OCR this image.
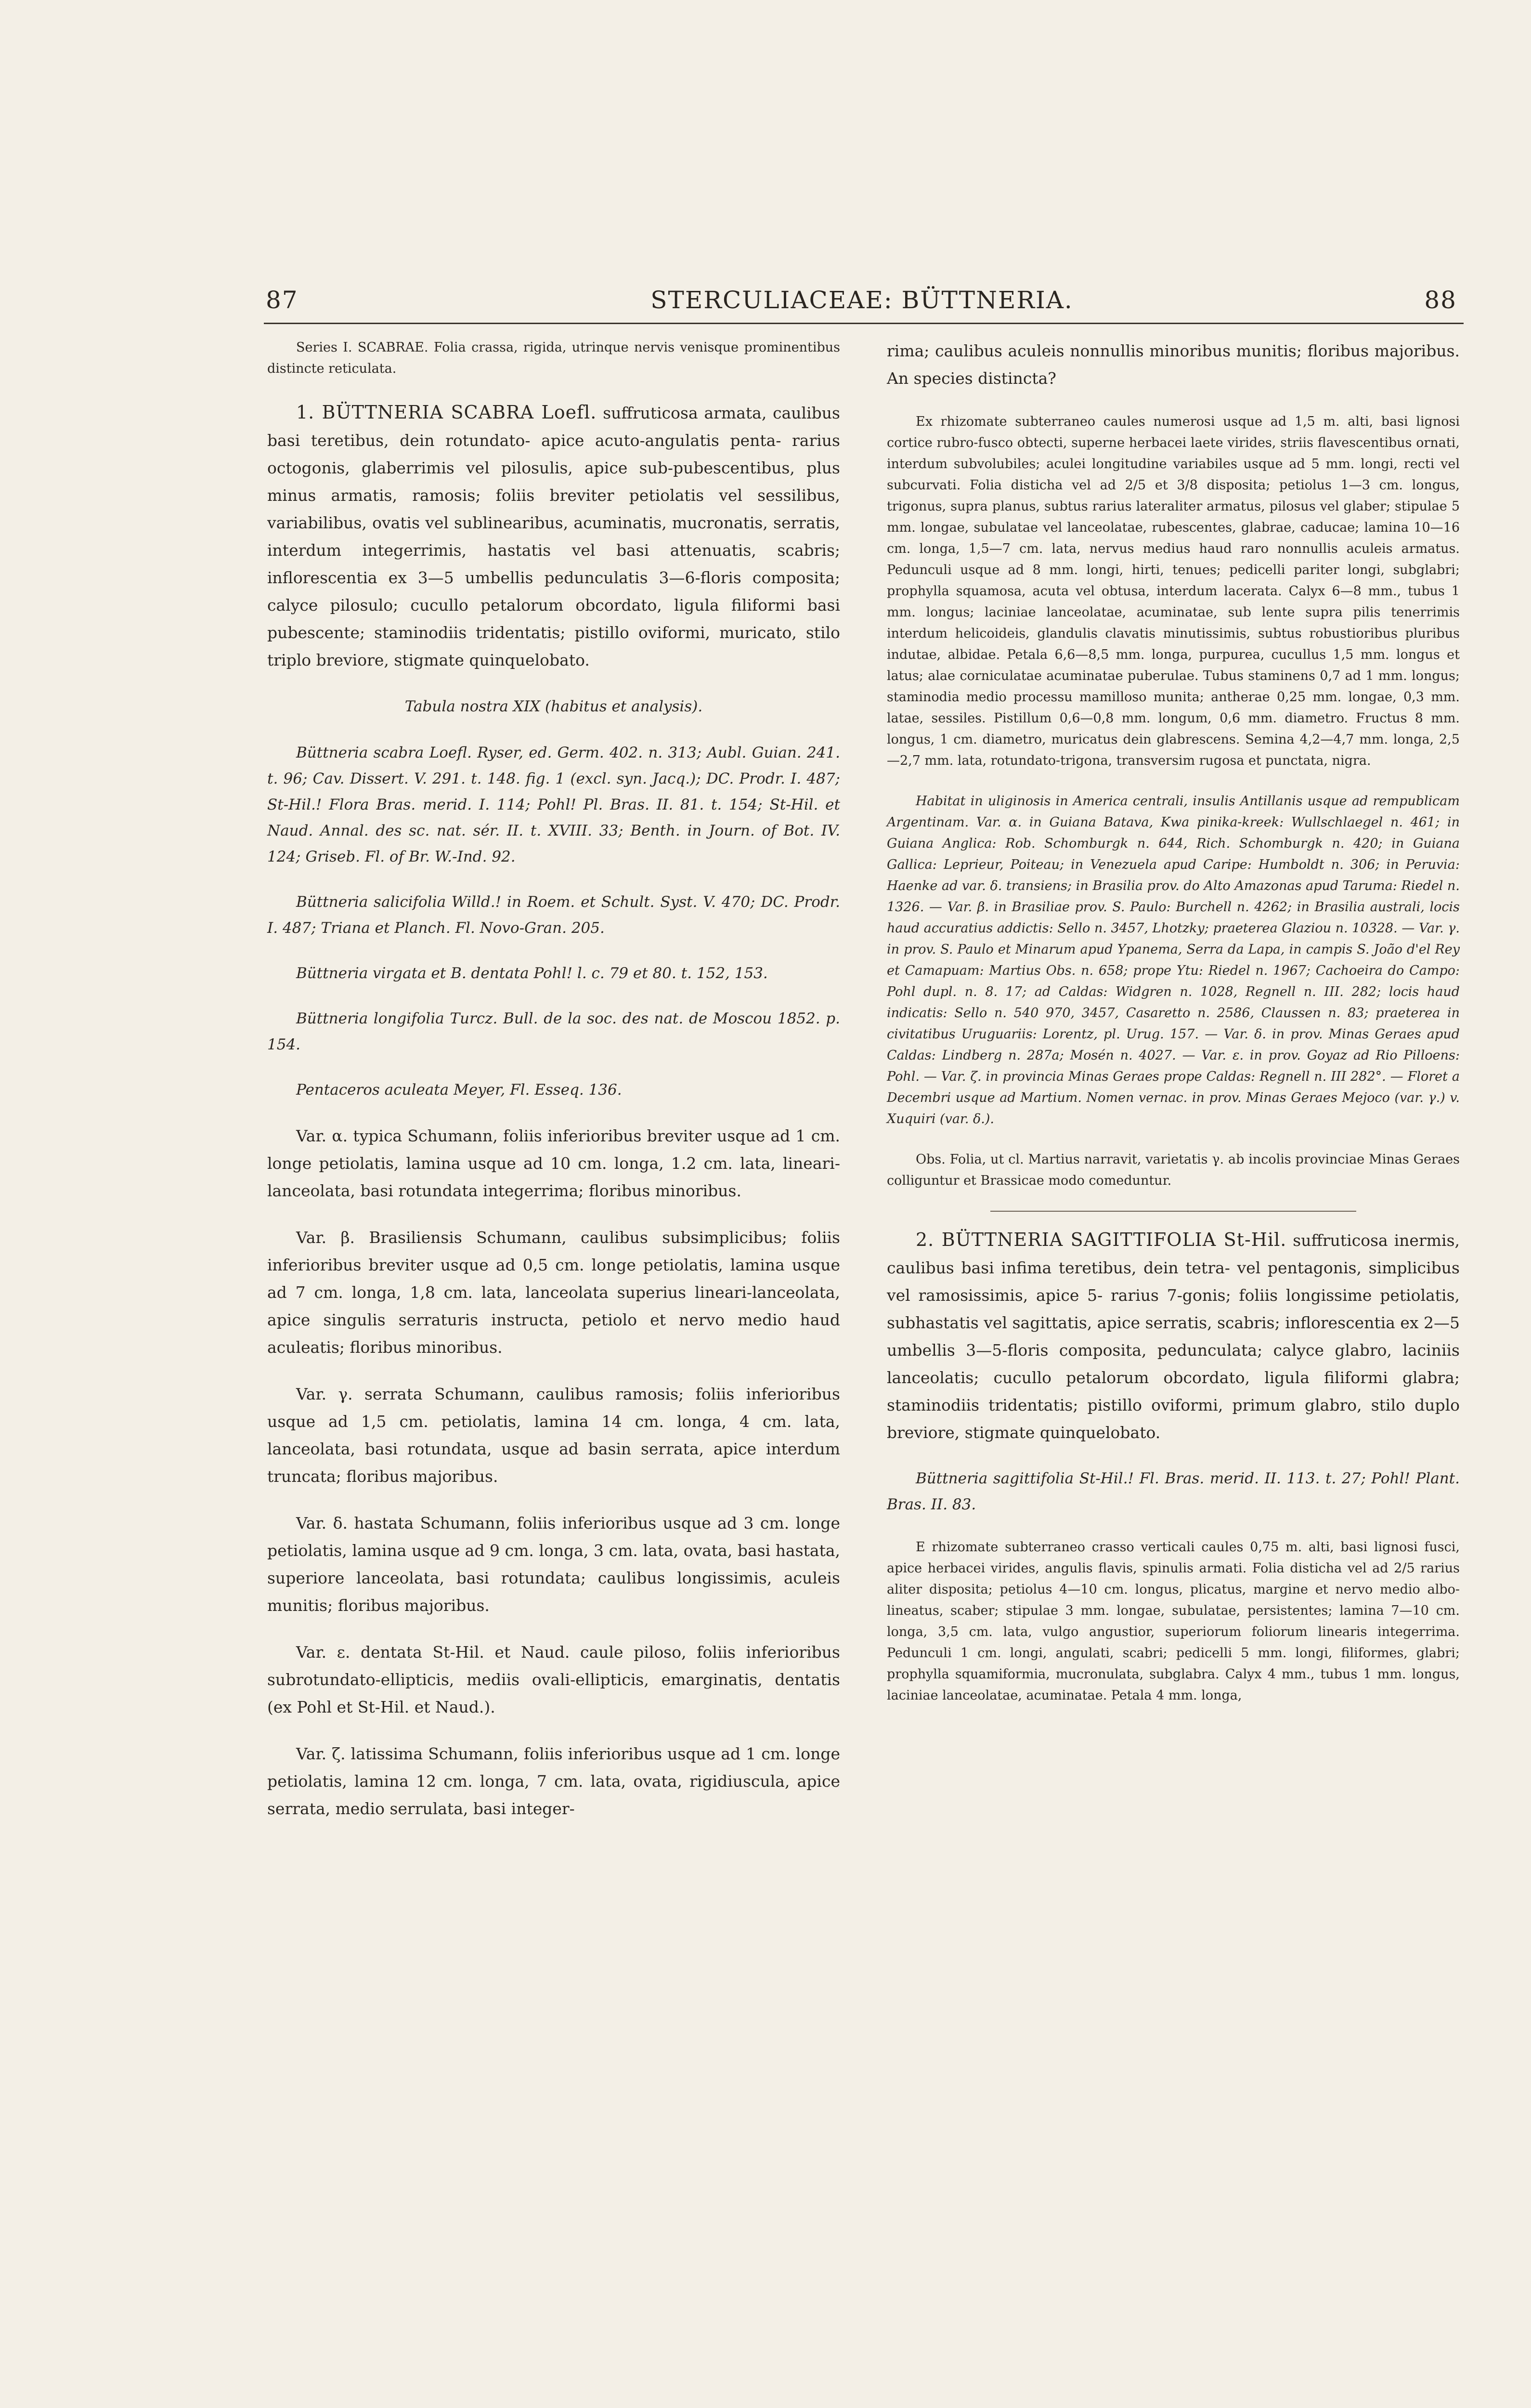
87	STERCULIACEAE: BÜTTNERIA.	88

Series I. SCABRAE. Folia crassa, rigida, utrinque nervis venisque prominentibus distincte reticulata.

1. BÜTTNERIA SCABRA Loefl. suffruticosa armata, caulibus basi teretibus, dein rotundato- apice acuto-angulatis penta- rarius octogonis, glaberrimis vel pilosulis, apice sub-pubescentibus, plus minus armatis, ramosis; foliis breviter petiolatis vel sessilibus, variabilibus, ovatis vel sublinearibus, acuminatis, mucronatis, serratis, interdum integerrimis, hastatis vel basi attenuatis, scabris; inflorescentia ex 3—5 umbellis pedunculatis 3—6-floris composita; calyce pilosulo; cucullo petalorum obcordato, ligula filiformi basi pubescente; staminodiis tridentatis; pistillo oviformi, muricato, stilo triplo breviore, stigmate quinquelobato.

Tabula nostra XIX (habitus et analysis).

Büttneria scabra Loefl. Ryser, ed. Germ. 402. n. 313; Aubl. Guian. 241. t. 96; Cav. Dissert. V. 291. t. 148. fig. 1 (excl. syn. Jacq.); DC. Prodr. I. 487; St-Hil.! Flora Bras. merid. I. 114; Pohl! Pl. Bras. II. 81. t. 154; St-Hil. et Naud. Annal. des sc. nat. sér. II. t. XVIII. 33; Benth. in Journ. of Bot. IV. 124; Griseb. Fl. of Br. W.-Ind. 92.

Büttneria salicifolia Willd.! in Roem. et Schult. Syst. V. 470; DC. Prodr. I. 487; Triana et Planch. Fl. Novo-Gran. 205.

Büttneria virgata et B. dentata Pohl! l. c. 79 et 80. t. 152, 153.

Büttneria longifolia Turcz. Bull. de la soc. des nat. de Moscou 1852. p. 154.

Pentaceros aculeata Meyer, Fl. Esseq. 136.

Var. α. typica Schumann, foliis inferioribus breviter usque ad 1 cm. longe petiolatis, lamina usque ad 10 cm. longa, 1.2 cm. lata, lineari-lanceolata, basi rotundata integerrima; floribus minoribus.

Var. β. Brasiliensis Schumann, caulibus subsimplicibus; foliis inferioribus breviter usque ad 0,5 cm. longe petiolatis, lamina usque ad 7 cm. longa, 1,8 cm. lata, lanceolata superius lineari-lanceolata, apice singulis serraturis instructa, petiolo et nervo medio haud aculeatis; floribus minoribus.

Var. γ. serrata Schumann, caulibus ramosis; foliis inferioribus usque ad 1,5 cm. petiolatis, lamina 14 cm. longa, 4 cm. lata, lanceolata, basi rotundata, usque ad basin serrata, apice interdum truncata; floribus majoribus.

Var. δ. hastata Schumann, foliis inferioribus usque ad 3 cm. longe petiolatis, lamina usque ad 9 cm. longa, 3 cm. lata, ovata, basi hastata, superiore lanceolata, basi rotundata; caulibus longissimis, aculeis munitis; floribus majoribus.

Var. ε. dentata St-Hil. et Naud. caule piloso, foliis inferioribus subrotundato-ellipticis, mediis ovali-ellipticis, emarginatis, dentatis (ex Pohl et St-Hil. et Naud.).

Var. ζ. latissima Schumann, foliis inferioribus usque ad 1 cm. longe petiolatis, lamina 12 cm. longa, 7 cm. lata, ovata, rigidiuscula, apice serrata, medio serrulata, basi integer-

rima; caulibus aculeis nonnullis minoribus munitis; floribus majoribus. An species distincta?

Ex rhizomate subterraneo caules numerosi usque ad 1,5 m. alti, basi lignosi cortice rubro-fusco obtecti, superne herbacei laete virides, striis flavescentibus ornati, interdum subvolubiles; aculei longitudine variabiles usque ad 5 mm. longi, recti vel subcurvati. Folia disticha vel ad 2/5 et 3/8 disposita; petiolus 1—3 cm. longus, trigonus, supra planus, subtus rarius lateraliter armatus, pilosus vel glaber; stipulae 5 mm. longae, subulatae vel lanceolatae, rubescentes, glabrae, caducae; lamina 10—16 cm. longa, 1,5—7 cm. lata, nervus medius haud raro nonnullis aculeis armatus. Pedunculi usque ad 8 mm. longi, hirti, tenues; pedicelli pariter longi, subglabri; prophylla squamosa, acuta vel obtusa, interdum lacerata. Calyx 6—8 mm., tubus 1 mm. longus; laciniae lanceolatae, acuminatae, sub lente supra pilis tenerrimis interdum helicoideis, glandulis clavatis minutissimis, subtus robustioribus pluribus indutae, albidae. Petala 6,6—8,5 mm. longa, purpurea, cucullus 1,5 mm. longus et latus; alae corniculatae acuminatae puberulae. Tubus staminens 0,7 ad 1 mm. longus; staminodia medio processu mamilloso munita; antherae 0,25 mm. longae, 0,3 mm. latae, sessiles. Pistillum 0,6—0,8 mm. longum, 0,6 mm. diametro. Fructus 8 mm. longus, 1 cm. diametro, muricatus dein glabrescens. Semina 4,2—4,7 mm. longa, 2,5—2,7 mm. lata, rotundato-trigona, transversim rugosa et punctata, nigra.

Habitat in uliginosis in America centrali, insulis Antillanis usque ad rempublicam Argentinam. Var. α. in Guiana Batava, Kwa pinika-kreek: Wullschlaegel n. 461; in Guiana Anglica: Rob. Schomburgk n. 644, Rich. Schomburgk n. 420; in Guiana Gallica: Leprieur, Poiteau; in Venezuela apud Caripe: Humboldt n. 306; in Peruvia: Haenke ad var. δ. transiens; in Brasilia prov. do Alto Amazonas apud Taruma: Riedel n. 1326. — Var. β. in Brasiliae prov. S. Paulo: Burchell n. 4262; in Brasilia australi, locis haud accuratius addictis: Sello n. 3457, Lhotzky; praeterea Glaziou n. 10328. — Var. γ. in prov. S. Paulo et Minarum apud Ypanema, Serra da Lapa, in campis S. João d'el Rey et Camapuam: Martius Obs. n. 658; prope Ytu: Riedel n. 1967; Cachoeira do Campo: Pohl dupl. n. 8. 17; ad Caldas: Widgren n. 1028, Regnell n. III. 282; locis haud indicatis: Sello n. 540 970, 3457, Casaretto n. 2586, Claussen n. 83; praeterea in civitatibus Uruguariis: Lorentz, pl. Urug. 157. — Var. δ. in prov. Minas Geraes apud Caldas: Lindberg n. 287a; Mosén n. 4027. — Var. ε. in prov. Goyaz ad Rio Pilloens: Pohl. — Var. ζ. in provincia Minas Geraes prope Caldas: Regnell n. III 282°. — Floret a Decembri usque ad Martium. Nomen vernac. in prov. Minas Geraes Mejoco (var. γ.) v. Xuquiri (var. δ.).

Obs. Folia, ut cl. Martius narravit, varietatis γ. ab incolis provinciae Minas Geraes colliguntur et Brassicae modo comeduntur.

2. BÜTTNERIA SAGITTIFOLIA St-Hil. suffruticosa inermis, caulibus basi infima teretibus, dein tetra- vel pentagonis, simplicibus vel ramosissimis, apice 5- rarius 7-gonis; foliis longissime petiolatis, subhastatis vel sagittatis, apice serratis, scabris; inflorescentia ex 2—5 umbellis 3—5-floris composita, pedunculata; calyce glabro, laciniis lanceolatis; cucullo petalorum obcordato, ligula filiformi glabra; staminodiis tridentatis; pistillo oviformi, primum glabro, stilo duplo breviore, stigmate quinquelobato.

Büttneria sagittifolia St-Hil.! Fl. Bras. merid. II. 113. t. 27; Pohl! Plant. Bras. II. 83.

E rhizomate subterraneo crasso verticali caules 0,75 m. alti, basi lignosi fusci, apice herbacei virides, angulis flavis, spinulis armati. Folia disticha vel ad 2/5 rarius aliter disposita; petiolus 4—10 cm. longus, plicatus, margine et nervo medio albo-lineatus, scaber; stipulae 3 mm. longae, subulatae, persistentes; lamina 7—10 cm. longa, 3,5 cm. lata, vulgo angustior, superiorum foliorum linearis integerrima. Pedunculi 1 cm. longi, angulati, scabri; pedicelli 5 mm. longi, filiformes, glabri; prophylla squamiformia, mucronulata, subglabra. Calyx 4 mm., tubus 1 mm. longus, laciniae lanceolatae, acuminatae. Petala 4 mm. longa,
